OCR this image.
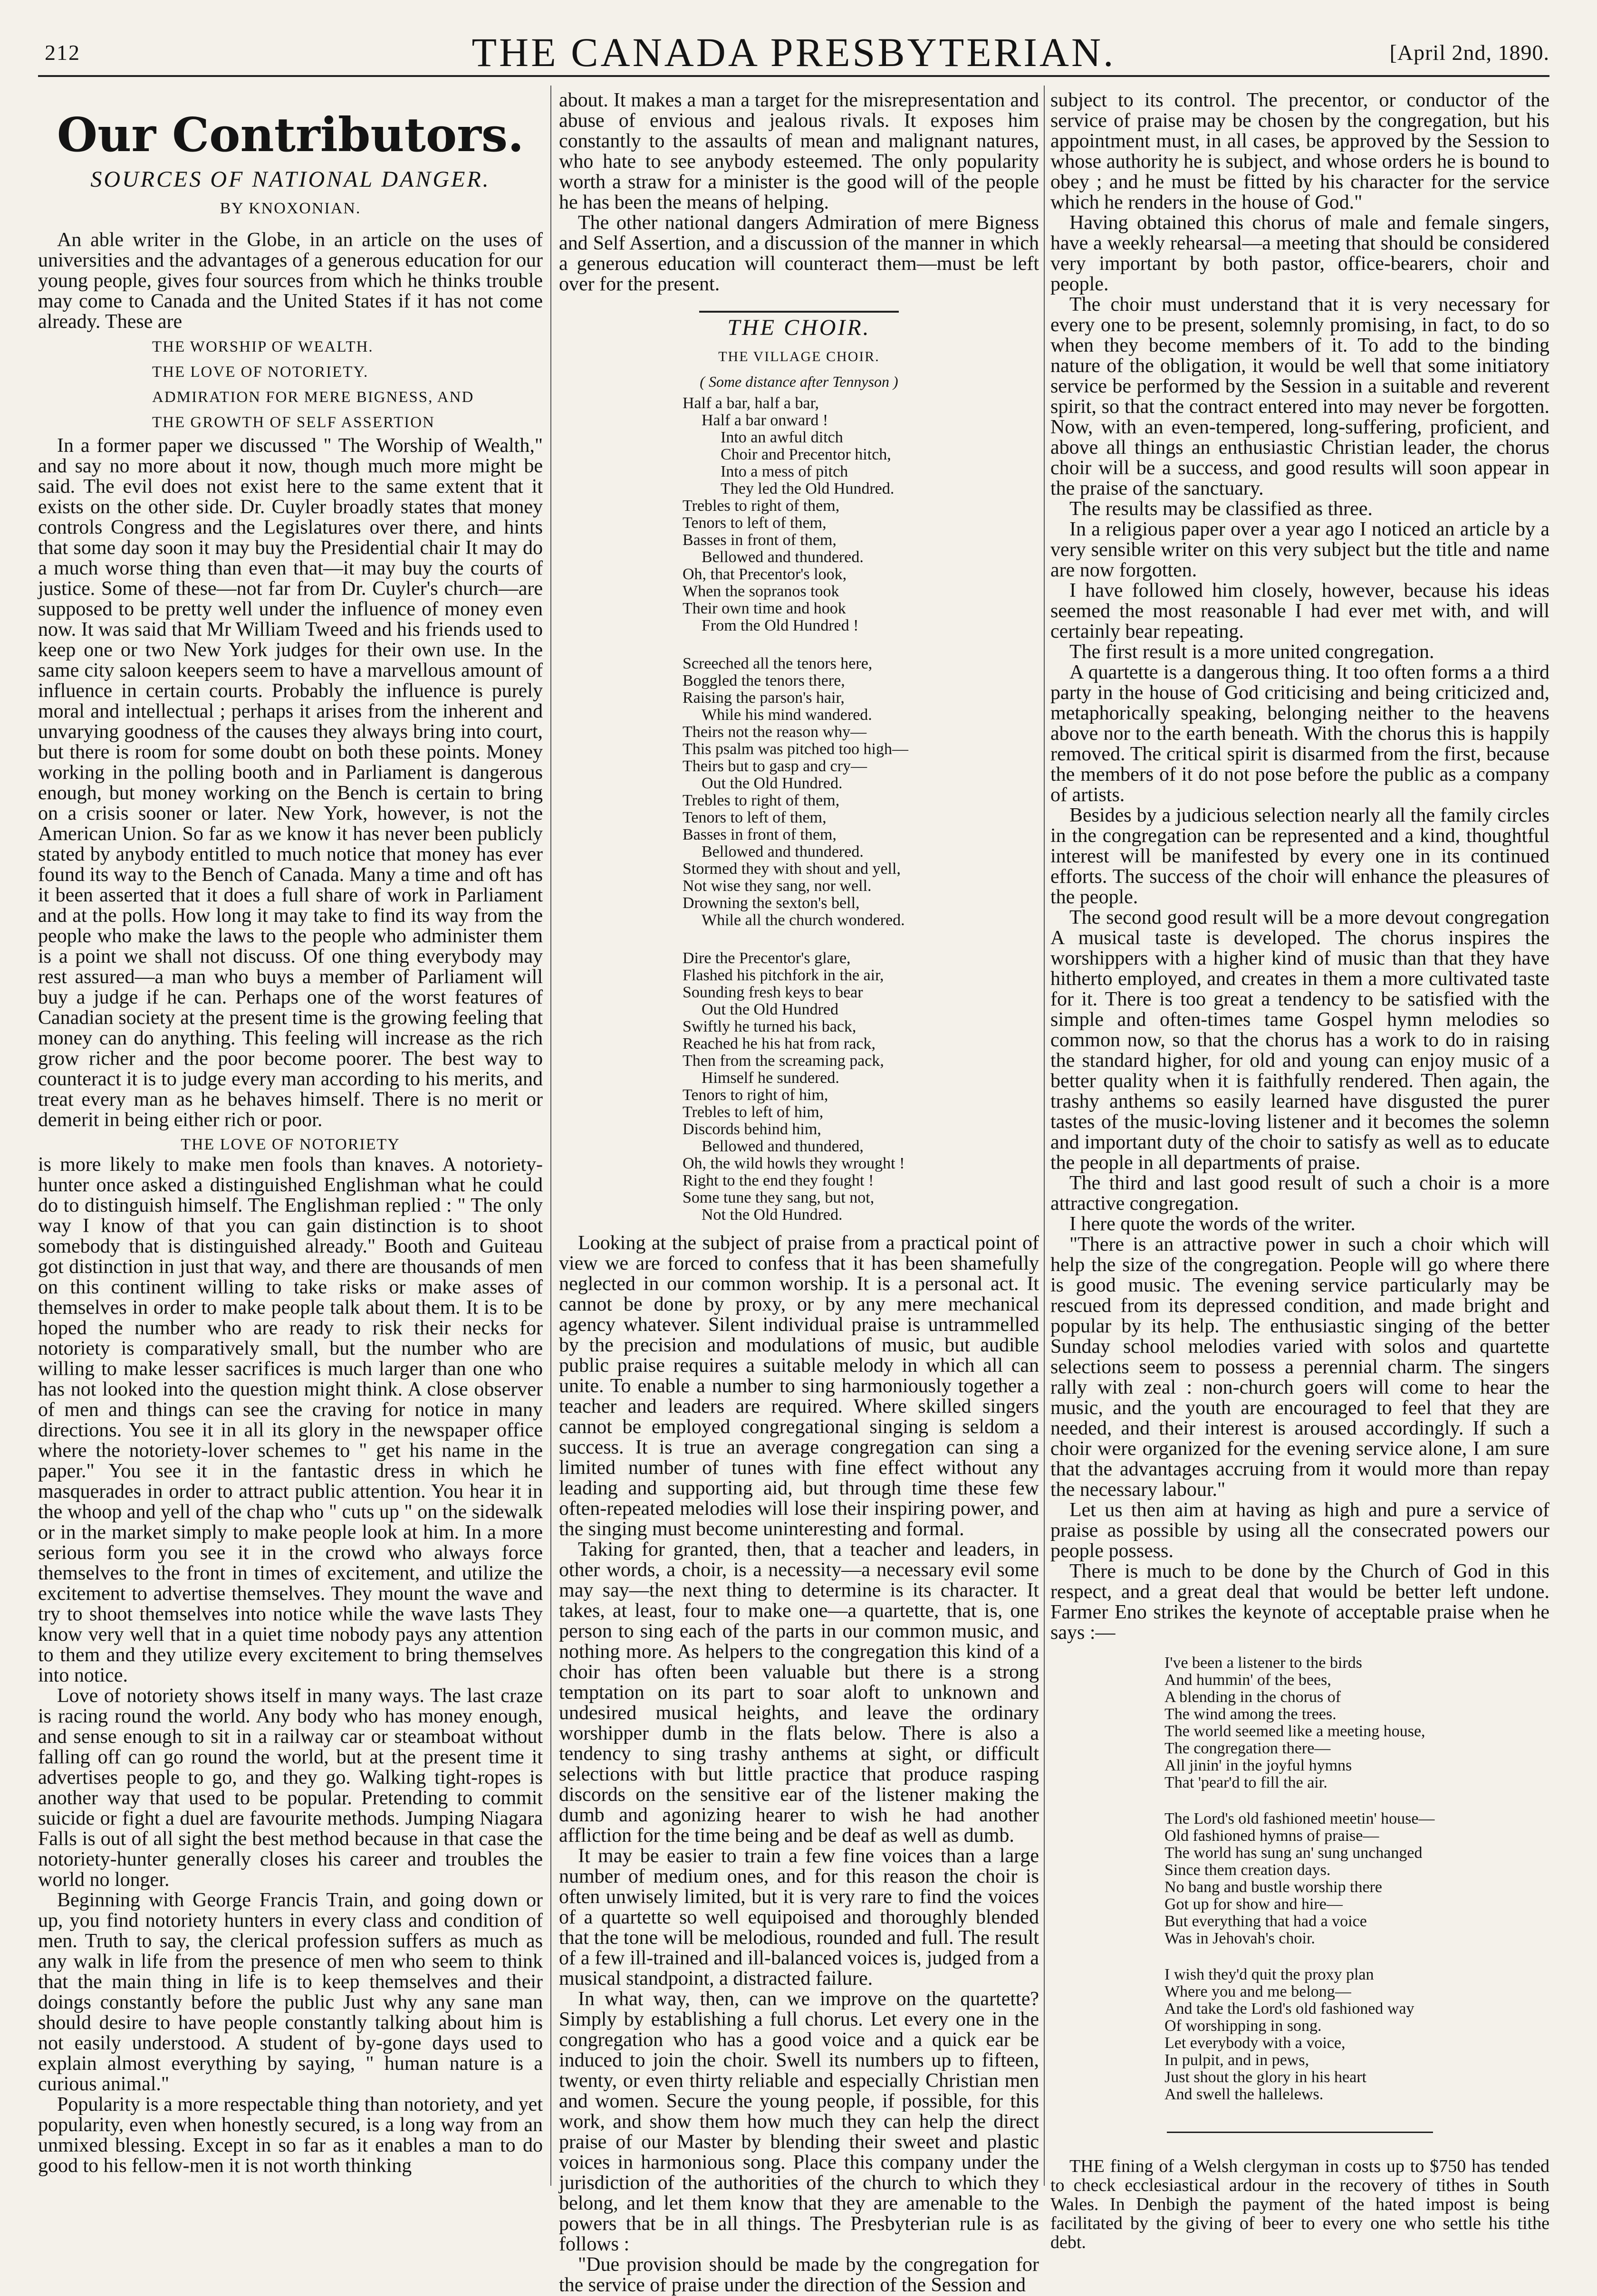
212	THE CANADA PRESBYTERIAN.	[April 2nd, 1890.
Our Contributors.
SOURCES OF NATIONAL DANGER.
BY KNOXONIAN.

An able writer in the Globe, in an article on the uses of universities and the advantages of a generous education for our young people, gives four sources from which he thinks trouble may come to Canada and the United States if it has not come already. These are

THE WORSHIP OF WEALTH.
THE LOVE OF NOTORIETY.
ADMIRATION FOR MERE BIGNESS, AND
THE GROWTH OF SELF ASSERTION

In a former paper we discussed " The Worship of Wealth," and say no more about it now, though much more might be said. The evil does not exist here to the same extent that it exists on the other side. Dr. Cuyler broadly states that money controls Congress and the Legislatures over there, and hints that some day soon it may buy the Presidential chair It may do a much worse thing than even that—it may buy the courts of justice. Some of these—not far from Dr. Cuyler's church—are supposed to be pretty well under the influence of money even now. It was said that Mr William Tweed and his friends used to keep one or two New York judges for their own use. In the same city saloon keepers seem to have a marvellous amount of influence in certain courts. Probably the influence is purely moral and intellectual ; perhaps it arises from the inherent and unvarying goodness of the causes they always bring into court, but there is room for some doubt on both these points. Money working in the polling booth and in Parliament is dangerous enough, but money working on the Bench is certain to bring on a crisis sooner or later. New York, however, is not the American Union. So far as we know it has never been publicly stated by anybody entitled to much notice that money has ever found its way to the Bench of Canada. Many a time and oft has it been asserted that it does a full share of work in Parliament and at the polls. How long it may take to find its way from the people who make the laws to the people who administer them is a point we shall not discuss. Of one thing everybody may rest assured—a man who buys a member of Parliament will buy a judge if he can. Perhaps one of the worst features of Canadian society at the present time is the growing feeling that money can do anything. This feeling will increase as the rich grow richer and the poor become poorer. The best way to counteract it is to judge every man according to his merits, and treat every man as he behaves himself. There is no merit or demerit in being either rich or poor.

THE LOVE OF NOTORIETY

is more likely to make men fools than knaves. A notoriety-hunter once asked a distinguished Englishman what he could do to distinguish himself. The Englishman replied : " The only way I know of that you can gain distinction is to shoot somebody that is distinguished already." Booth and Guiteau got distinction in just that way, and there are thousands of men on this continent willing to take risks or make asses of themselves in order to make people talk about them. It is to be hoped the number who are ready to risk their necks for notoriety is comparatively small, but the number who are willing to make lesser sacrifices is much larger than one who has not looked into the question might think. A close observer of men and things can see the craving for notice in many directions. You see it in all its glory in the newspaper office where the notoriety-lover schemes to " get his name in the paper." You see it in the fantastic dress in which he masquerades in order to attract public attention. You hear it in the whoop and yell of the chap who " cuts up " on the sidewalk or in the market simply to make people look at him. In a more serious form you see it in the crowd who always force themselves to the front in times of excitement, and utilize the excitement to advertise themselves. They mount the wave and try to shoot themselves into notice while the wave lasts They know very well that in a quiet time nobody pays any attention to them and they utilize every excitement to bring themselves into notice.

Love of notoriety shows itself in many ways. The last craze is racing round the world. Any body who has money enough, and sense enough to sit in a railway car or steamboat without falling off can go round the world, but at the present time it advertises people to go, and they go. Walking tight-ropes is another way that used to be popular. Pretending to commit suicide or fight a duel are favourite methods. Jumping Niagara Falls is out of all sight the best method because in that case the notoriety-hunter generally closes his career and troubles the world no longer.

Beginning with George Francis Train, and going down or up, you find notoriety hunters in every class and condition of men. Truth to say, the clerical profession suffers as much as any walk in life from the presence of men who seem to think that the main thing in life is to keep themselves and their doings constantly before the public Just why any sane man should desire to have people constantly talking about him is not easily understood. A student of by-gone days used to explain almost everything by saying, " human nature is a curious animal."

Popularity is a more respectable thing than notoriety, and yet popularity, even when honestly secured, is a long way from an unmixed blessing. Except in so far as it enables a man to do good to his fellow-men it is not worth thinking

about. It makes a man a target for the misrepresentation and abuse of envious and jealous rivals. It exposes him constantly to the assaults of mean and malignant natures, who hate to see anybody esteemed. The only popularity worth a straw for a minister is the good will of the people he has been the means of helping.

The other national dangers Admiration of mere Bigness and Self Assertion, and a discussion of the manner in which a generous education will counteract them—must be left over for the present.

THE CHOIR.
THE VILLAGE CHOIR.
( Some distance after Tennyson )
Half a bar, half a bar,
Half a bar onward !
Into an awful ditch
Choir and Precentor hitch,
Into a mess of pitch
They led the Old Hundred.
Trebles to right of them,
Tenors to left of them,
Basses in front of them,
Bellowed and thundered.
Oh, that Precentor's look,
When the sopranos took
Their own time and hook
From the Old Hundred !
Screeched all the tenors here,
Boggled the tenors there,
Raising the parson's hair,
While his mind wandered.
Theirs not the reason why—
This psalm was pitched too high—
Theirs but to gasp and cry—
Out the Old Hundred.
Trebles to right of them,
Tenors to left of them,
Basses in front of them,
Bellowed and thundered.
Stormed they with shout and yell,
Not wise they sang, nor well.
Drowning the sexton's bell,
While all the church wondered.
Dire the Precentor's glare,
Flashed his pitchfork in the air,
Sounding fresh keys to bear
Out the Old Hundred
Swiftly he turned his back,
Reached he his hat from rack,
Then from the screaming pack,
Himself he sundered.
Tenors to right of him,
Trebles to left of him,
Discords behind him,
Bellowed and thundered,
Oh, the wild howls they wrought !
Right to the end they fought !
Some tune they sang, but not,
Not the Old Hundred.

Looking at the subject of praise from a practical point of view we are forced to confess that it has been shamefully neglected in our common worship. It is a personal act. It cannot be done by proxy, or by any mere mechanical agency whatever. Silent individual praise is untrammelled by the precision and modulations of music, but audible public praise requires a suitable melody in which all can unite. To enable a number to sing harmoniously together a teacher and leaders are required. Where skilled singers cannot be employed congregational singing is seldom a success. It is true an average congregation can sing a limited number of tunes with fine effect without any leading and supporting aid, but through time these few often-repeated melodies will lose their inspiring power, and the singing must become uninteresting and formal.

Taking for granted, then, that a teacher and leaders, in other words, a choir, is a necessity—a necessary evil some may say—the next thing to determine is its character. It takes, at least, four to make one—a quartette, that is, one person to sing each of the parts in our common music, and nothing more. As helpers to the congregation this kind of a choir has often been valuable but there is a strong temptation on its part to soar aloft to unknown and undesired musical heights, and leave the ordinary worshipper dumb in the flats below. There is also a tendency to sing trashy anthems at sight, or difficult selections with but little practice that produce rasping discords on the sensitive ear of the listener making the dumb and agonizing hearer to wish he had another affliction for the time being and be deaf as well as dumb.

It may be easier to train a few fine voices than a large number of medium ones, and for this reason the choir is often unwisely limited, but it is very rare to find the voices of a quartette so well equipoised and thoroughly blended that the tone will be melodious, rounded and full. The result of a few ill-trained and ill-balanced voices is, judged from a musical standpoint, a distracted failure.

In what way, then, can we improve on the quartette? Simply by establishing a full chorus. Let every one in the congregation who has a good voice and a quick ear be induced to join the choir. Swell its numbers up to fifteen, twenty, or even thirty reliable and especially Christian men and women. Secure the young people, if possible, for this work, and show them how much they can help the direct praise of our Master by blending their sweet and plastic voices in harmonious song. Place this company under the jurisdiction of the authorities of the church to which they belong, and let them know that they are amenable to the powers that be in all things. The Presbyterian rule is as follows :

"Due provision should be made by the congregation for the service of praise under the direction of the Session and

subject to its control. The precentor, or conductor of the service of praise may be chosen by the congregation, but his appointment must, in all cases, be approved by the Session to whose authority he is subject, and whose orders he is bound to obey ; and he must be fitted by his character for the service which he renders in the house of God."

Having obtained this chorus of male and female singers, have a weekly rehearsal—a meeting that should be considered very important by both pastor, office-bearers, choir and people.

The choir must understand that it is very necessary for every one to be present, solemnly promising, in fact, to do so when they become members of it. To add to the binding nature of the obligation, it would be well that some initiatory service be performed by the Session in a suitable and reverent spirit, so that the contract entered into may never be forgotten. Now, with an even-tempered, long-suffering, proficient, and above all things an enthusiastic Christian leader, the chorus choir will be a success, and good results will soon appear in the praise of the sanctuary.

The results may be classified as three.

In a religious paper over a year ago I noticed an article by a very sensible writer on this very subject but the title and name are now forgotten.

I have followed him closely, however, because his ideas seemed the most reasonable I had ever met with, and will certainly bear repeating.

The first result is a more united congregation.

A quartette is a dangerous thing. It too often forms a a third party in the house of God criticising and being criticized and, metaphorically speaking, belonging neither to the heavens above nor to the earth beneath. With the chorus this is happily removed. The critical spirit is disarmed from the first, because the members of it do not pose before the public as a company of artists.

Besides by a judicious selection nearly all the family circles in the congregation can be represented and a kind, thoughtful interest will be manifested by every one in its continued efforts. The success of the choir will enhance the pleasures of the people.

The second good result will be a more devout congregation A musical taste is developed. The chorus inspires the worshippers with a higher kind of music than that they have hitherto employed, and creates in them a more cultivated taste for it. There is too great a tendency to be satisfied with the simple and often-times tame Gospel hymn melodies so common now, so that the chorus has a work to do in raising the standard higher, for old and young can enjoy music of a better quality when it is faithfully rendered. Then again, the trashy anthems so easily learned have disgusted the purer tastes of the music-loving listener and it becomes the solemn and important duty of the choir to satisfy as well as to educate the people in all departments of praise.

The third and last good result of such a choir is a more attractive congregation.

I here quote the words of the writer.

"There is an attractive power in such a choir which will help the size of the congregation. People will go where there is good music. The evening service particularly may be rescued from its depressed condition, and made bright and popular by its help. The enthusiastic singing of the better Sunday school melodies varied with solos and quartette selections seem to possess a perennial charm. The singers rally with zeal : non-church goers will come to hear the music, and the youth are encouraged to feel that they are needed, and their interest is aroused accordingly. If such a choir were organized for the evening service alone, I am sure that the advantages accruing from it would more than repay the necessary labour."

Let us then aim at having as high and pure a service of praise as possible by using all the consecrated powers our people possess.

There is much to be done by the Church of God in this respect, and a great deal that would be better left undone. Farmer Eno strikes the keynote of acceptable praise when he says :—

I've been a listener to the birds
And hummin' of the bees,
A blending in the chorus of
The wind among the trees.
The world seemed like a meeting house,
The congregation there—
All jinin' in the joyful hymns
That 'pear'd to fill the air.
The Lord's old fashioned meetin' house—
Old fashioned hymns of praise—
The world has sung an' sung unchanged
Since them creation days.
No bang and bustle worship there
Got up for show and hire—
But everything that had a voice
Was in Jehovah's choir.
I wish they'd quit the proxy plan
Where you and me belong—
And take the Lord's old fashioned way
Of worshipping in song.
Let everybody with a voice,
In pulpit, and in pews,
Just shout the glory in his heart
And swell the hallelews.

THE fining of a Welsh clergyman in costs up to $750 has tended to check ecclesiastical ardour in the recovery of tithes in South Wales. In Denbigh the payment of the hated impost is being facilitated by the giving of beer to every one who settle his tithe debt.
